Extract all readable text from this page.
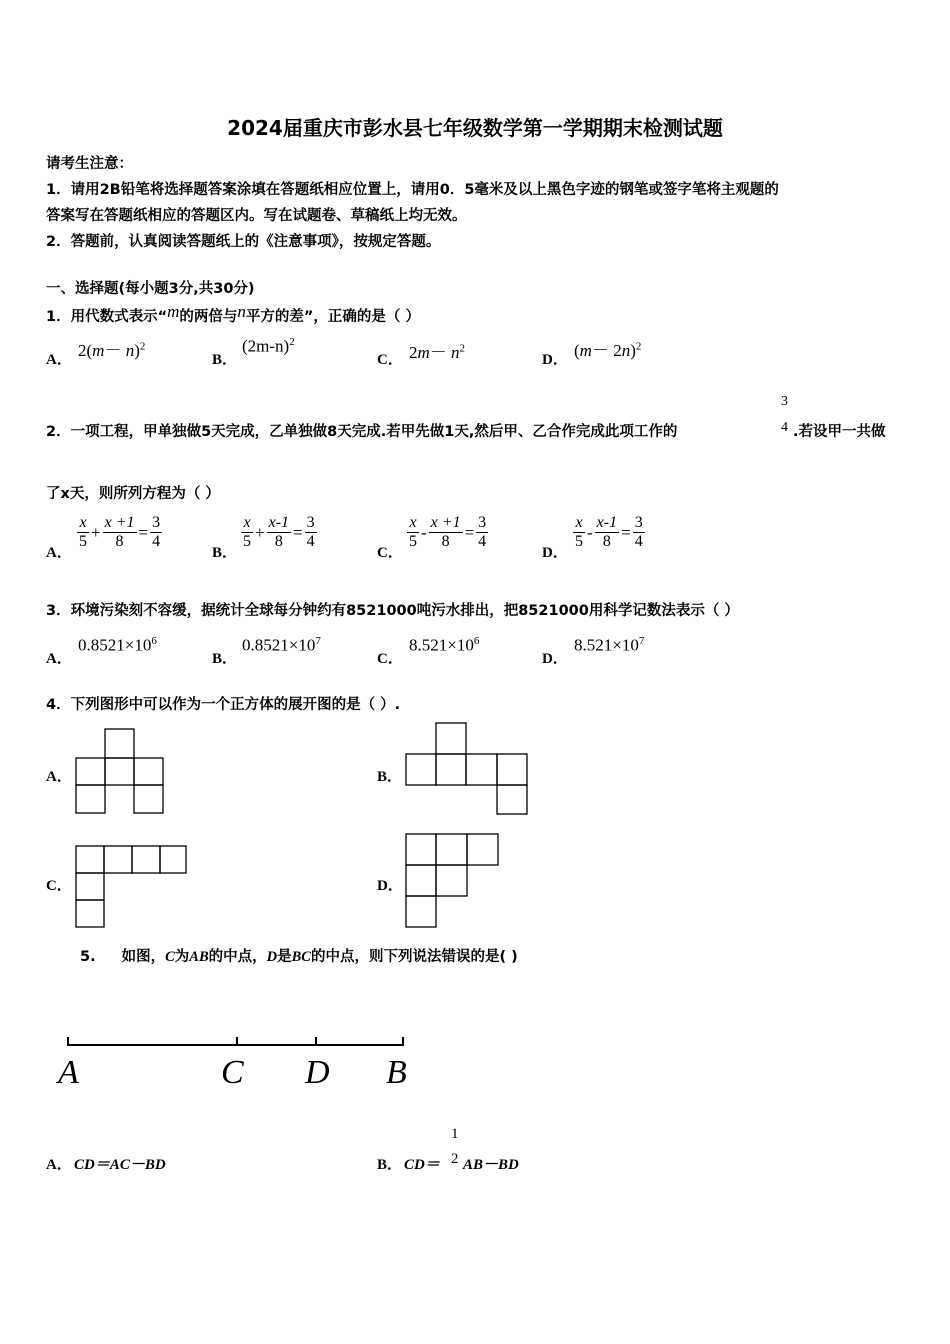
2024届重庆市彭水县七年级数学第一学期期末检测试题
请考生注意：
1．请用2B铅笔将选择题答案涂填在答题纸相应位置上，请用0．5毫米及以上黑色字迹的钢笔或签字笔将主观题的
答案写在答题纸相应的答题区内。写在试题卷、草稿纸上均无效。
2．答题前，认真阅读答题纸上的《注意事项》，按规定答题。
一、选择题(每小题3分,共30分)
1．用代数式表示“m的两倍与n平方的差”，正确的是（ ）
A． $2(m- n)^2$
B．
$(2m-n)^2$
C． $2m- n^2$
D． $(m- 2n)^2$
2．一项工程，甲单独做5天完成，乙单独做8天完成.若甲先做1天,然后甲、乙合作完成此项工作的
3
4 .若设甲一共做
了x天，则所列方程为（ ）
A．
$\frac{x}{5} + \frac{x +1}{8} = \frac{3}{4}$
B．
$\frac{x}{5} + \frac{x-1}{8} = \frac{3}{4}$
C．
$\frac{x}{5} - \frac{x +1}{8} = \frac{3}{4}$
D．
$\frac{x}{5} - \frac{x-1}{8} = \frac{3}{4}$
3．环境污染刻不容缓，据统计全球每分钟约有8521000吨污水排出，把8521000用科学记数法表示（ ）
A．
$0.8521\times 10^6$
B．
$0.8521\times 10^7$
C．
$8.521\times 10^6$
D．
$8.521\times 10^7$
4．下列图形中可以作为一个正方体的展开图的是（ ）.
A．	B．
C．	D．
5. 如图，C为AB的中点，D是BC的中点，则下列说法错误的是( )
A	C D B
A． CD＝AC－BD	B． CD＝
1
2 AB－BD
